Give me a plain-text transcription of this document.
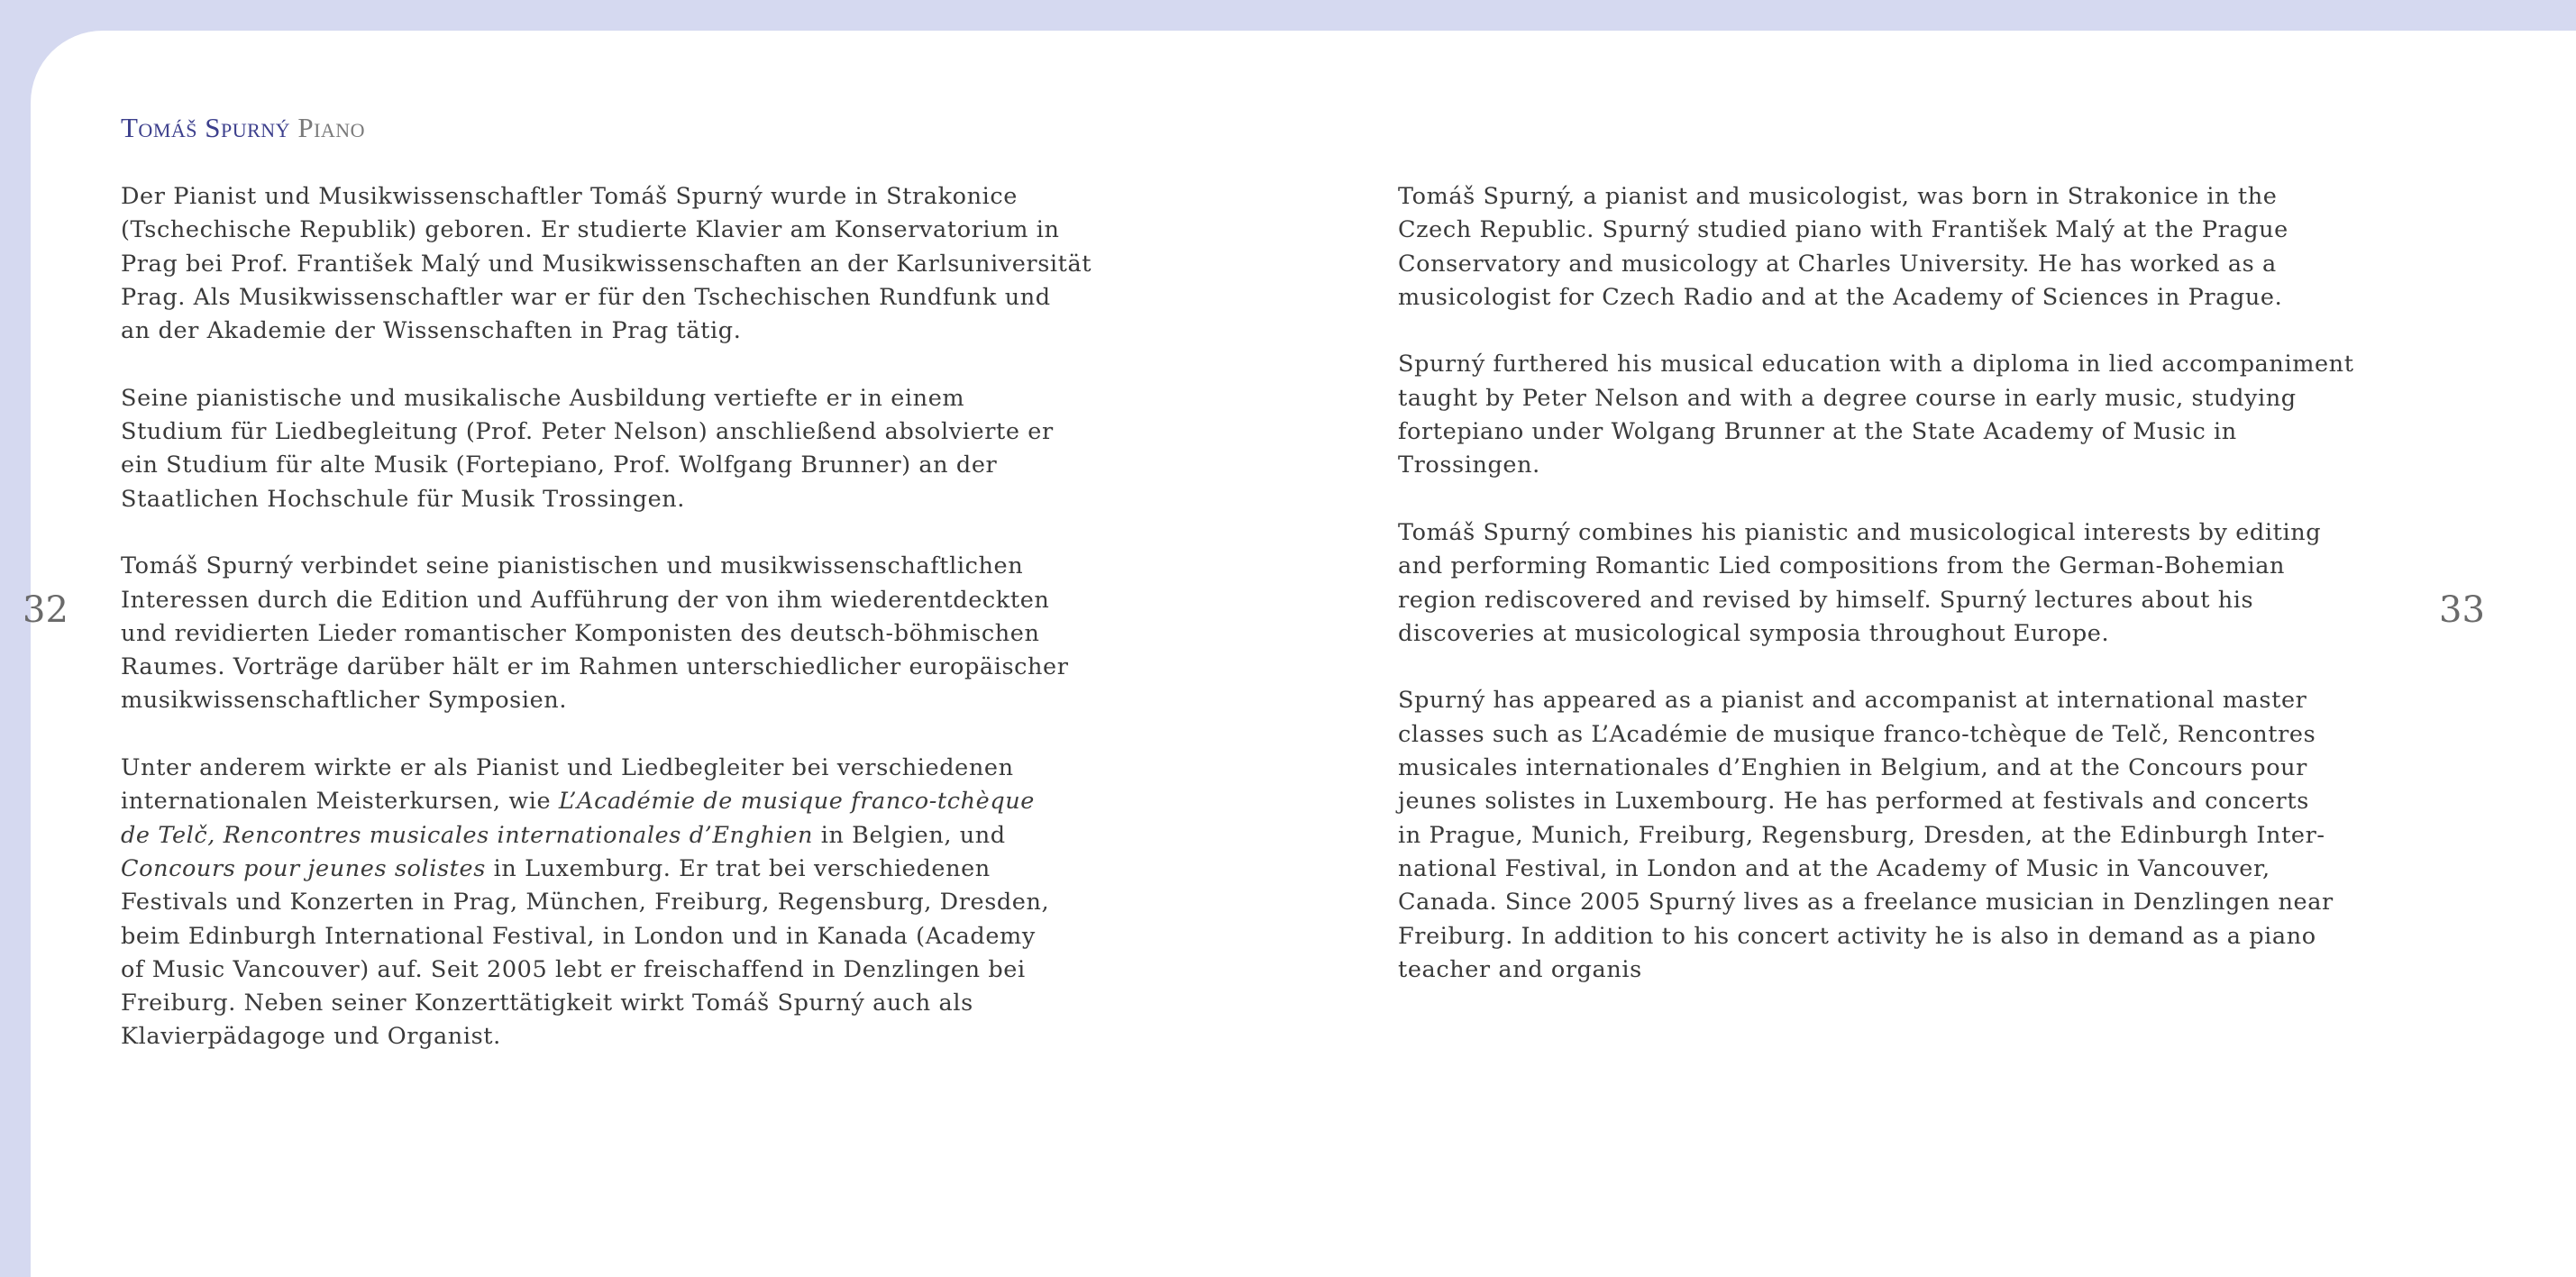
Tomáš Spurný Piano

Der Pianist und Musikwissenschaftler Tomáš Spurný wurde in Strakonice
(Tschechische Republik) geboren. Er studierte Klavier am Konservatorium in
Prag bei Prof. František Malý und Musikwissenschaften an der Karlsuniversität
Prag. Als Musikwissenschaftler war er für den Tschechischen Rundfunk und
an der Akademie der Wissenschaften in Prag tätig.

Seine pianistische und musikalische Ausbildung vertiefte er in einem
Studium für Liedbegleitung (Prof. Peter Nelson) anschließend absolvierte er
ein Studium für alte Musik (Fortepiano, Prof. Wolfgang Brunner) an der
Staatlichen Hochschule für Musik Trossingen.

Tomáš Spurný verbindet seine pianistischen und musikwissenschaftlichen
Interessen durch die Edition und Aufführung der von ihm wiederentdeckten
und revidierten Lieder romantischer Komponisten des deutsch-böhmischen
Raumes. Vorträge darüber hält er im Rahmen unterschiedlicher europäischer
musikwissenschaftlicher Symposien.

Unter anderem wirkte er als Pianist und Liedbegleiter bei verschiedenen
internationalen Meisterkursen, wie L’Académie de musique franco-tchèque
de Telč, Rencontres musicales internationales d’Enghien in Belgien, und
Concours pour jeunes solistes in Luxemburg. Er trat bei verschiedenen
Festivals und Konzerten in Prag, München, Freiburg, Regensburg, Dresden,
beim Edinburgh International Festival, in London und in Kanada (Academy
of Music Vancouver) auf. Seit 2005 lebt er freischaffend in Denzlingen bei
Freiburg. Neben seiner Konzerttätigkeit wirkt Tomáš Spurný auch als
Klavierpädagoge und Organist.

Tomáš Spurný, a pianist and musicologist, was born in Strakonice in the
Czech Republic. Spurný studied piano with František Malý at the Prague
Conservatory and musicology at Charles University. He has worked as a
musicologist for Czech Radio and at the Academy of Sciences in Prague.

Spurný furthered his musical education with a diploma in lied accompaniment
taught by Peter Nelson and with a degree course in early music, studying
fortepiano under Wolgang Brunner at the State Academy of Music in
Trossingen.

Tomáš Spurný combines his pianistic and musicological interests by editing
and performing Romantic Lied compositions from the German-Bohemian
region rediscovered and revised by himself. Spurný lectures about his
discoveries at musicological symposia throughout Europe.

Spurný has appeared as a pianist and accompanist at international master
classes such as L’Académie de musique franco-tchèque de Telč, Rencontres
musicales internationales d’Enghien in Belgium, and at the Concours pour
jeunes solistes in Luxembourg. He has performed at festivals and concerts
in Prague, Munich, Freiburg, Regensburg, Dresden, at the Edinburgh Inter-
national Festival, in London and at the Academy of Music in Vancouver,
Canada. Since 2005 Spurný lives as a freelance musician in Denzlingen near
Freiburg. In addition to his concert activity he is also in demand as a piano
teacher and organis

32	33
